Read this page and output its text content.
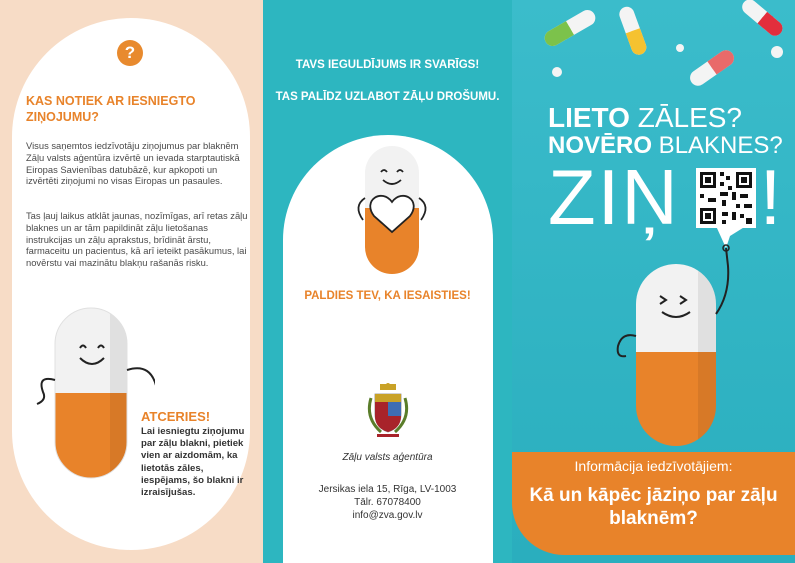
?
KAS NOTIEK AR IESNIEGTO ZIŅOJUMU?
Visus saņemtos iedzīvotāju ziņojumus par blaknēm Zāļu valsts aģentūra izvērtē un ievada starptautiskā Eiropas Savienības datubāzē, kur apkopoti un izvērtēti ziņojumi no visas Eiropas un pasaules.
Tas ļauj laikus atklāt jaunas, nozīmīgas, arī retas zāļu blaknes un ar tām papildināt zāļu lietošanas instrukcijas un zāļu aprakstus, brīdināt ārstu, farmaceitu un pacientus, kā arī ieteikt pasākumus, lai novērstu vai mazinātu blakņu rašanās risku.
ATCERIES!
Lai iesniegtu ziņojumu par zāļu blakni, pietiek vien ar aizdomām, ka lietotās zāles, iespējams, šo blakni ir izraisījušas.
TAVS IEGULDĪJUMS IR SVARĪGS!
TAS PALĪDZ UZLABOT ZĀĻU DROŠUMU.
PALDIES TEV, KA IESAISTIES!
Zāļu valsts aģentūra
Jersikas iela 15, Rīga, LV-1003
Tālr. 67078400
info@zva.gov.lv
LIETO ZĀLES?
NOVĒRO BLAKNES?
ZIŅ !
Informācija iedzīvotājiem:
Kā un kāpēc jāziņo par zāļu blaknēm?
